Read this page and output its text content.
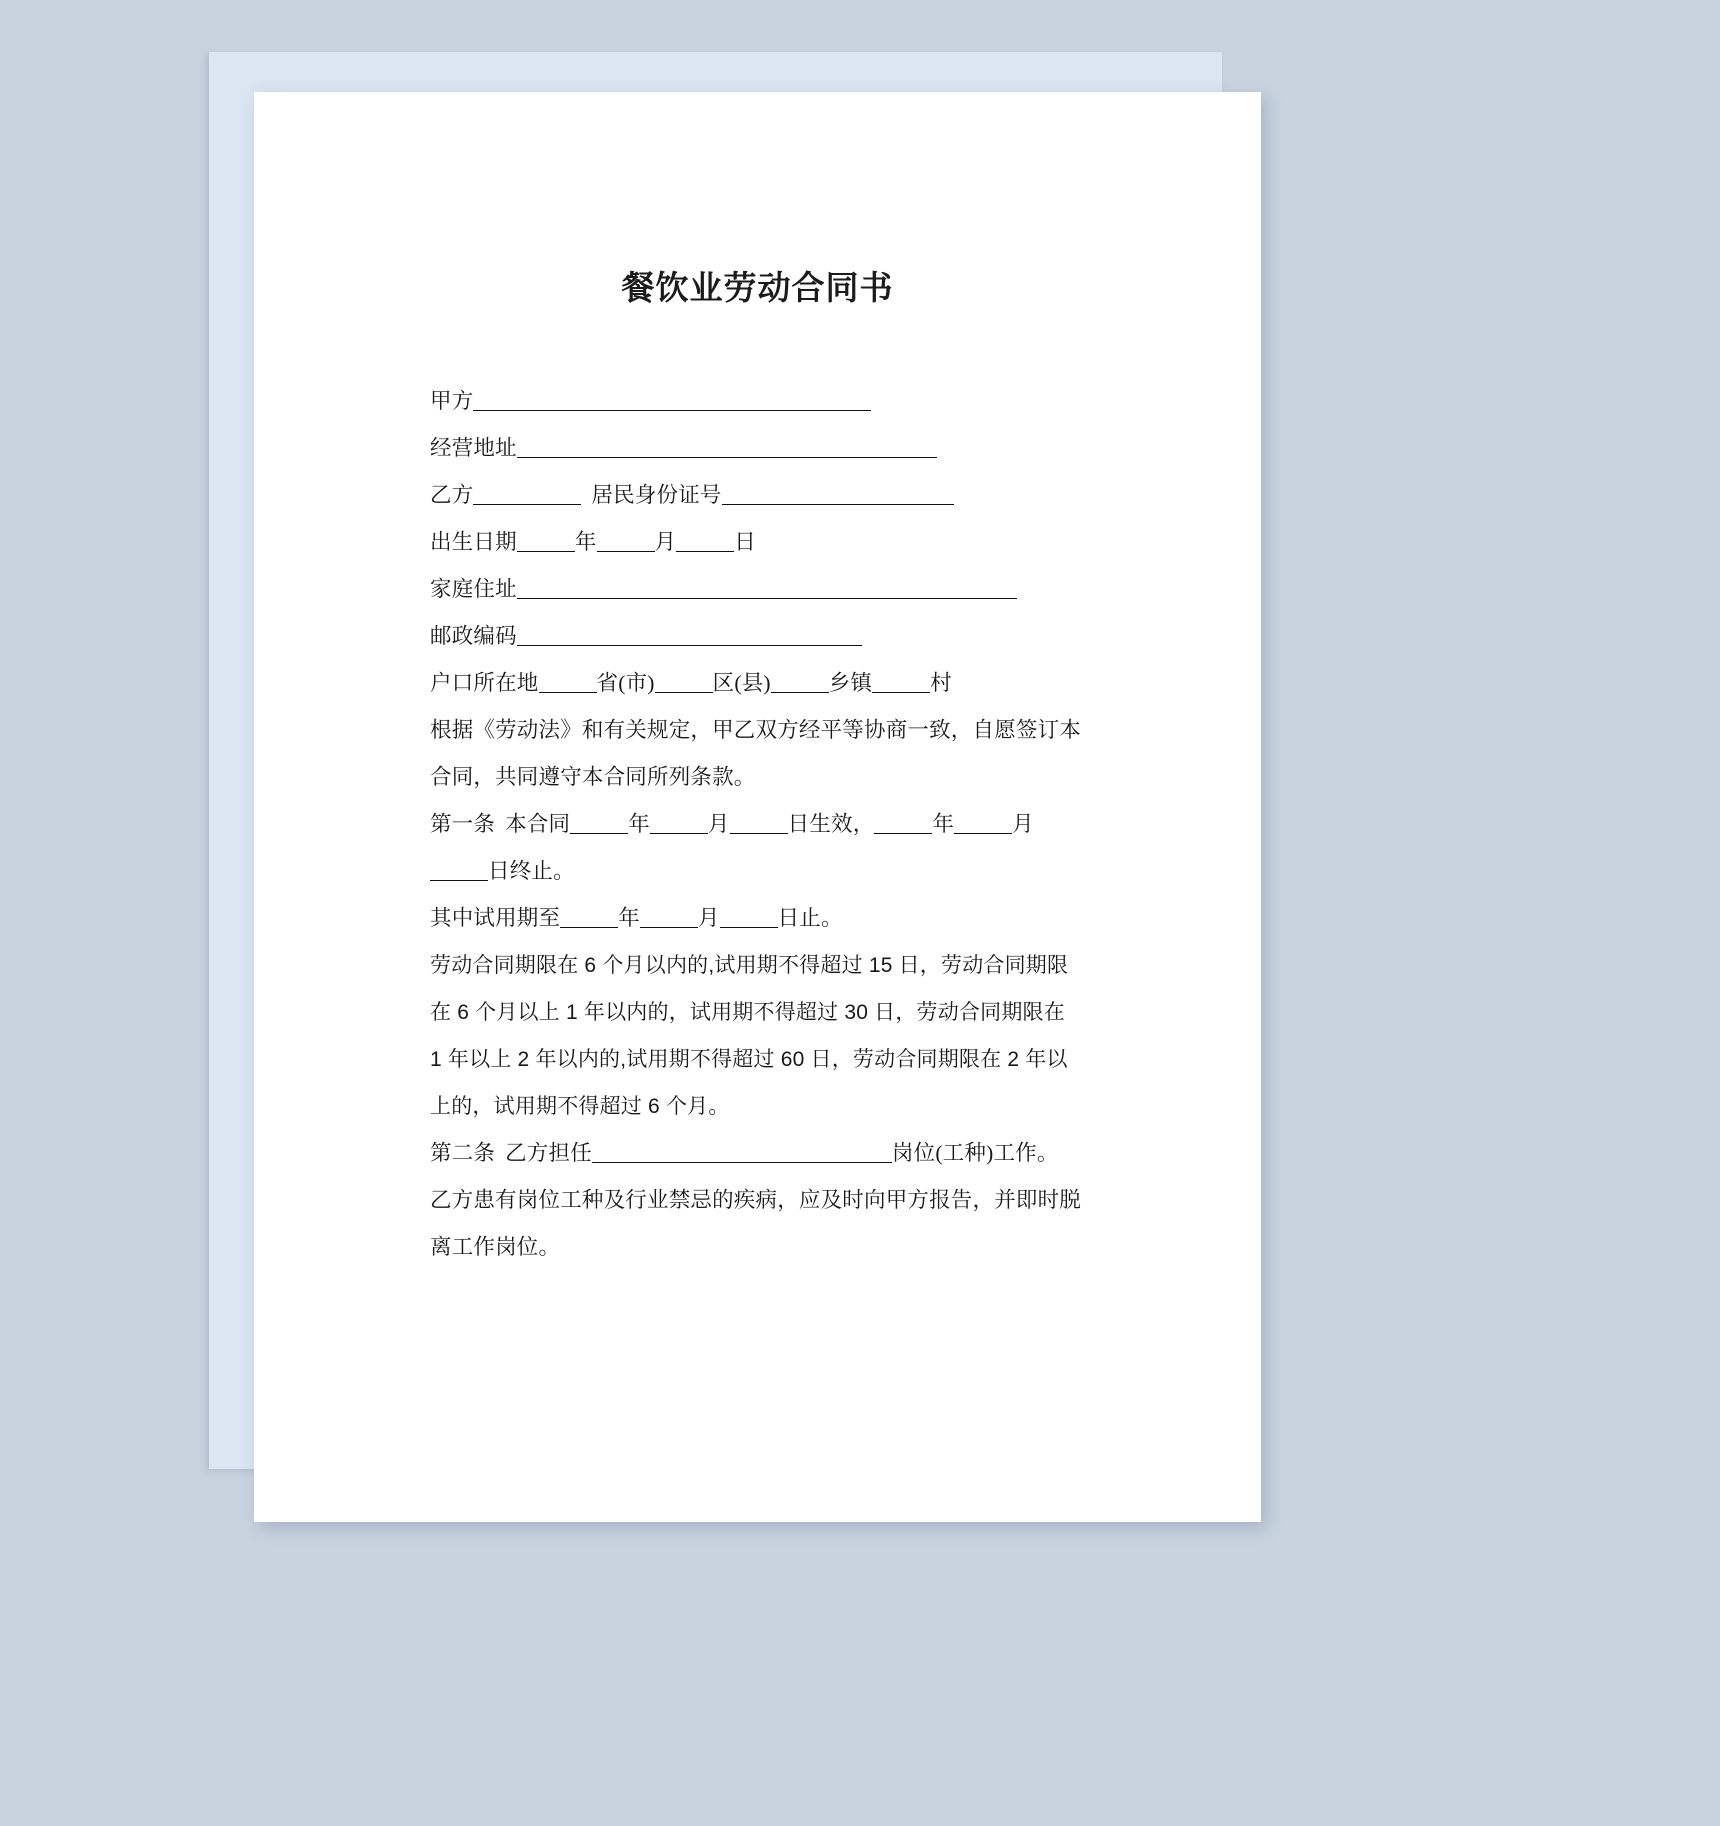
餐饮业劳动合同书
甲方
经营地址
乙方	居民身份证号
出生日期	年	月	日
家庭住址
邮政编码
户口所在地	省(市)	区(县)	乡镇	村
根据《劳动法》和有关规定，甲乙双方经平等协商一致，自愿签订本
合同，共同遵守本合同所列条款。
第一条 本合同	年	月	日生效，	年	月
日终止。
其中试用期至	年	月	日止。
劳动合同期限在 6 个月以内的,试用期不得超过 15 日，劳动合同期限
在 6 个月以上 1 年以内的，试用期不得超过 30 日，劳动合同期限在
1 年以上 2 年以内的,试用期不得超过 60 日，劳动合同期限在 2 年以
上的，试用期不得超过 6 个月。
第二条 乙方担任	岗位(工种)工作。
乙方患有岗位工种及行业禁忌的疾病，应及时向甲方报告，并即时脱
离工作岗位。
